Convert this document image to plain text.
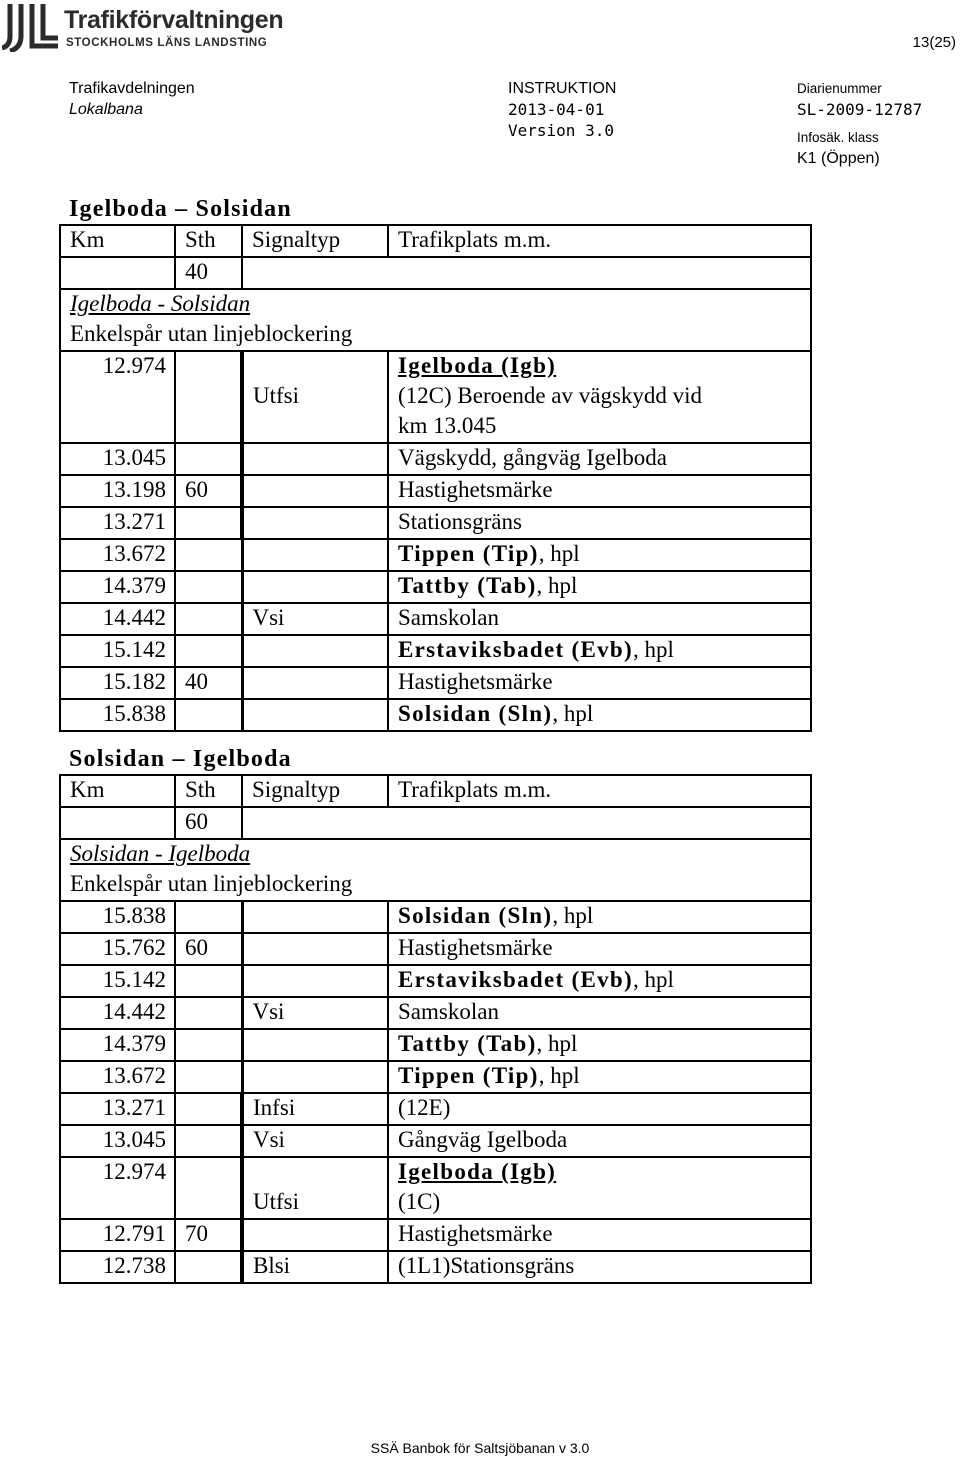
Trafikförvaltningen
STOCKHOLMS LÄNS LANDSTING	13(25)
Trafikavdelningen
Lokalbana
INSTRUKTION
2013-04-01
Version 3.0
Diarienummer
SL-2009-12787
Infosäk. klass
K1 (Öppen)
Igelboda – Solsidan
Km	Sth	Signaltyp	Trafikplats m.m.
	40		
Igelboda - Solsidan			
Enkelspår utan linjeblockering			
12.974			Igelboda (Igb)
		Utfsi	(12C) Beroende av vägskydd vid
			km 13.045
13.045			Vägskydd, gångväg Igelboda
13.198	60		Hastighetsmärke
13.271			Stationsgräns
13.672			Tippen (Tip), hpl
14.379			Tattby (Tab), hpl
14.442		Vsi	Samskolan
15.142			Erstaviksbadet (Evb), hpl
15.182	40		Hastighetsmärke
15.838			Solsidan (Sln), hpl
Solsidan – Igelboda
Km	Sth	Signaltyp	Trafikplats m.m.
	60		
Solsidan - Igelboda			
Enkelspår utan linjeblockering			
15.838			Solsidan (Sln), hpl
15.762	60		Hastighetsmärke
15.142			Erstaviksbadet (Evb), hpl
14.442		Vsi	Samskolan
14.379			Tattby (Tab), hpl
13.672			Tippen (Tip), hpl
13.271		Infsi	(12E)
13.045		Vsi	Gångväg Igelboda
12.974			Igelboda (Igb)
		Utfsi	(1C)
12.791	70		Hastighetsmärke
12.738		Blsi	(1L1)Stationsgräns
SSÄ Banbok för Saltsjöbanan v 3.0
